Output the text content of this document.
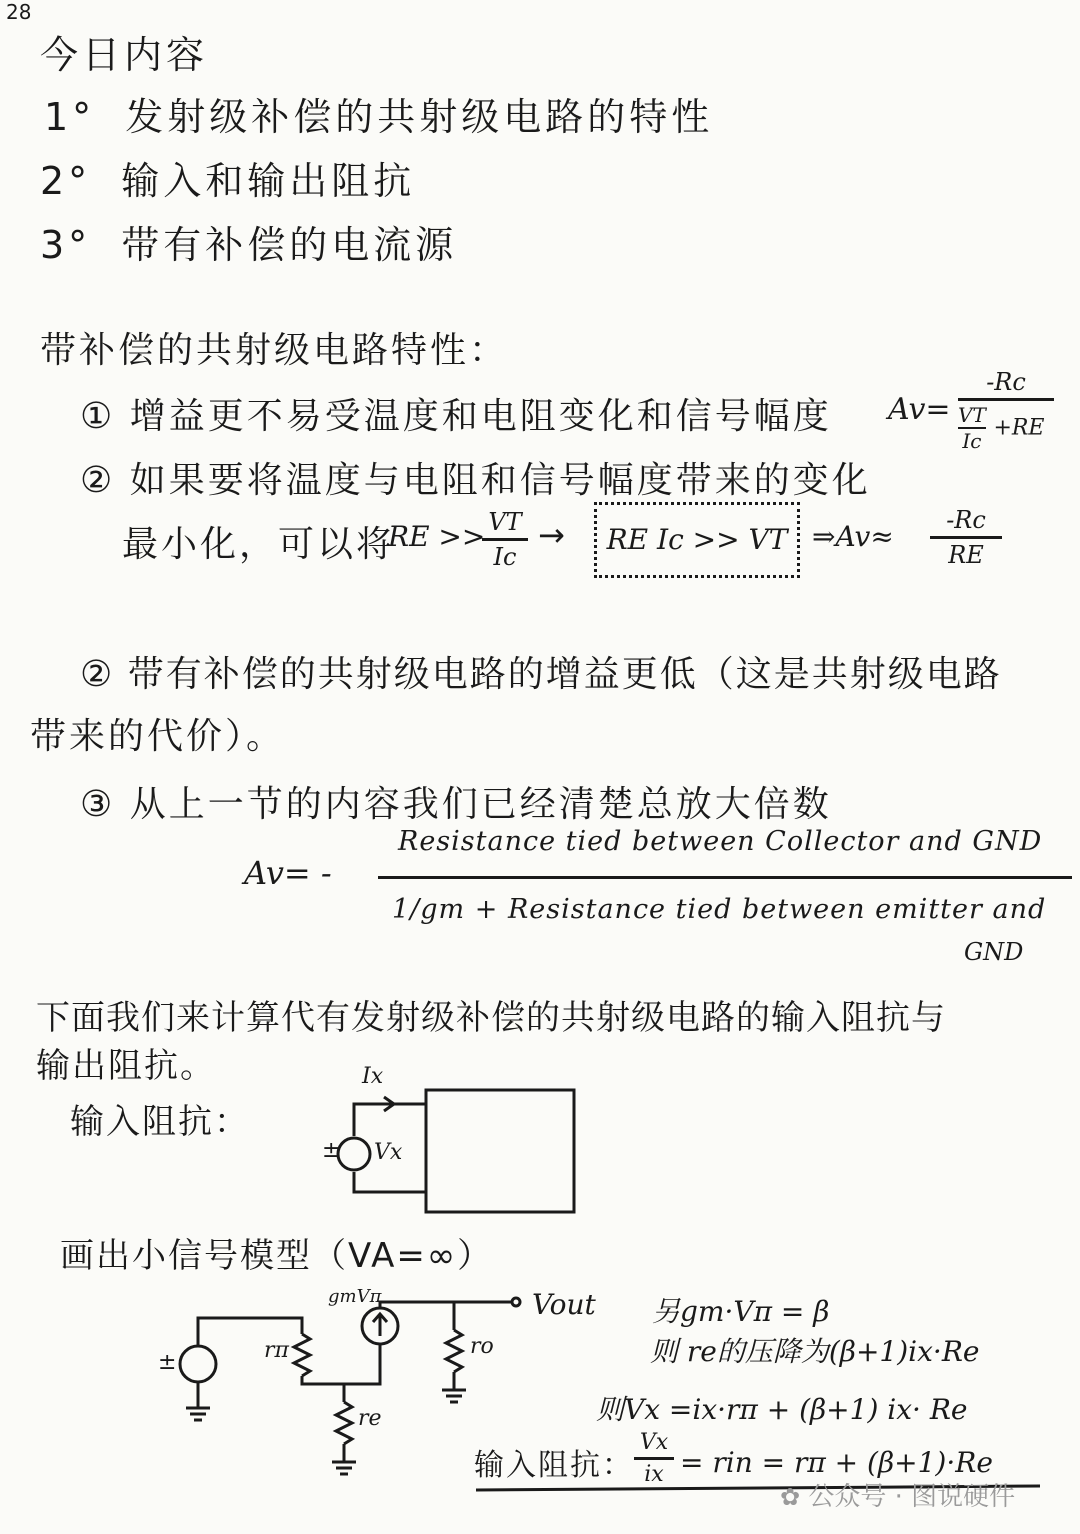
28
今日内容
1° 发射级补偿的共射级电路的特性
2° 输入和输出阻抗
3° 带有补偿的电流源
带补偿的共射级电路特性：
① 增益更不易受温度和电阻变化和信号幅度 Av=
-Rc
$\frac{VT}{Ic} +RE$
② 如果要将温度与电阻和信号幅度带来的变化
最小化，可以将
RE >> VT
Ic
→	RE Ic >> VT ⇒Av≈	-Rc
RE
② 带有补偿的共射级电路的增益更低（这是共射级电路
带来的代价）。
③ 从上一节的内容我们已经清楚总放大倍数
Av= -
Resistance tied between Collector and GND
1/gm + Resistance tied between emitter and
GND
下面我们来计算代有发射级补偿的共射级电路的输入阻抗与
输出阻抗。
输入阻抗：
Ix
Vx
±
画出小信号模型（VA=∞）
gmVπ
rπ	ro
re
Vout
±
另gm·Vπ = β
则 re的压降为(β+1)ix·Re
则Vx =ix·rπ + (β+1) ix· Re
输入阻抗：
Vx
ix = rin = rπ + (β+1)·Re
✿ 公众号 · 图说硬件
